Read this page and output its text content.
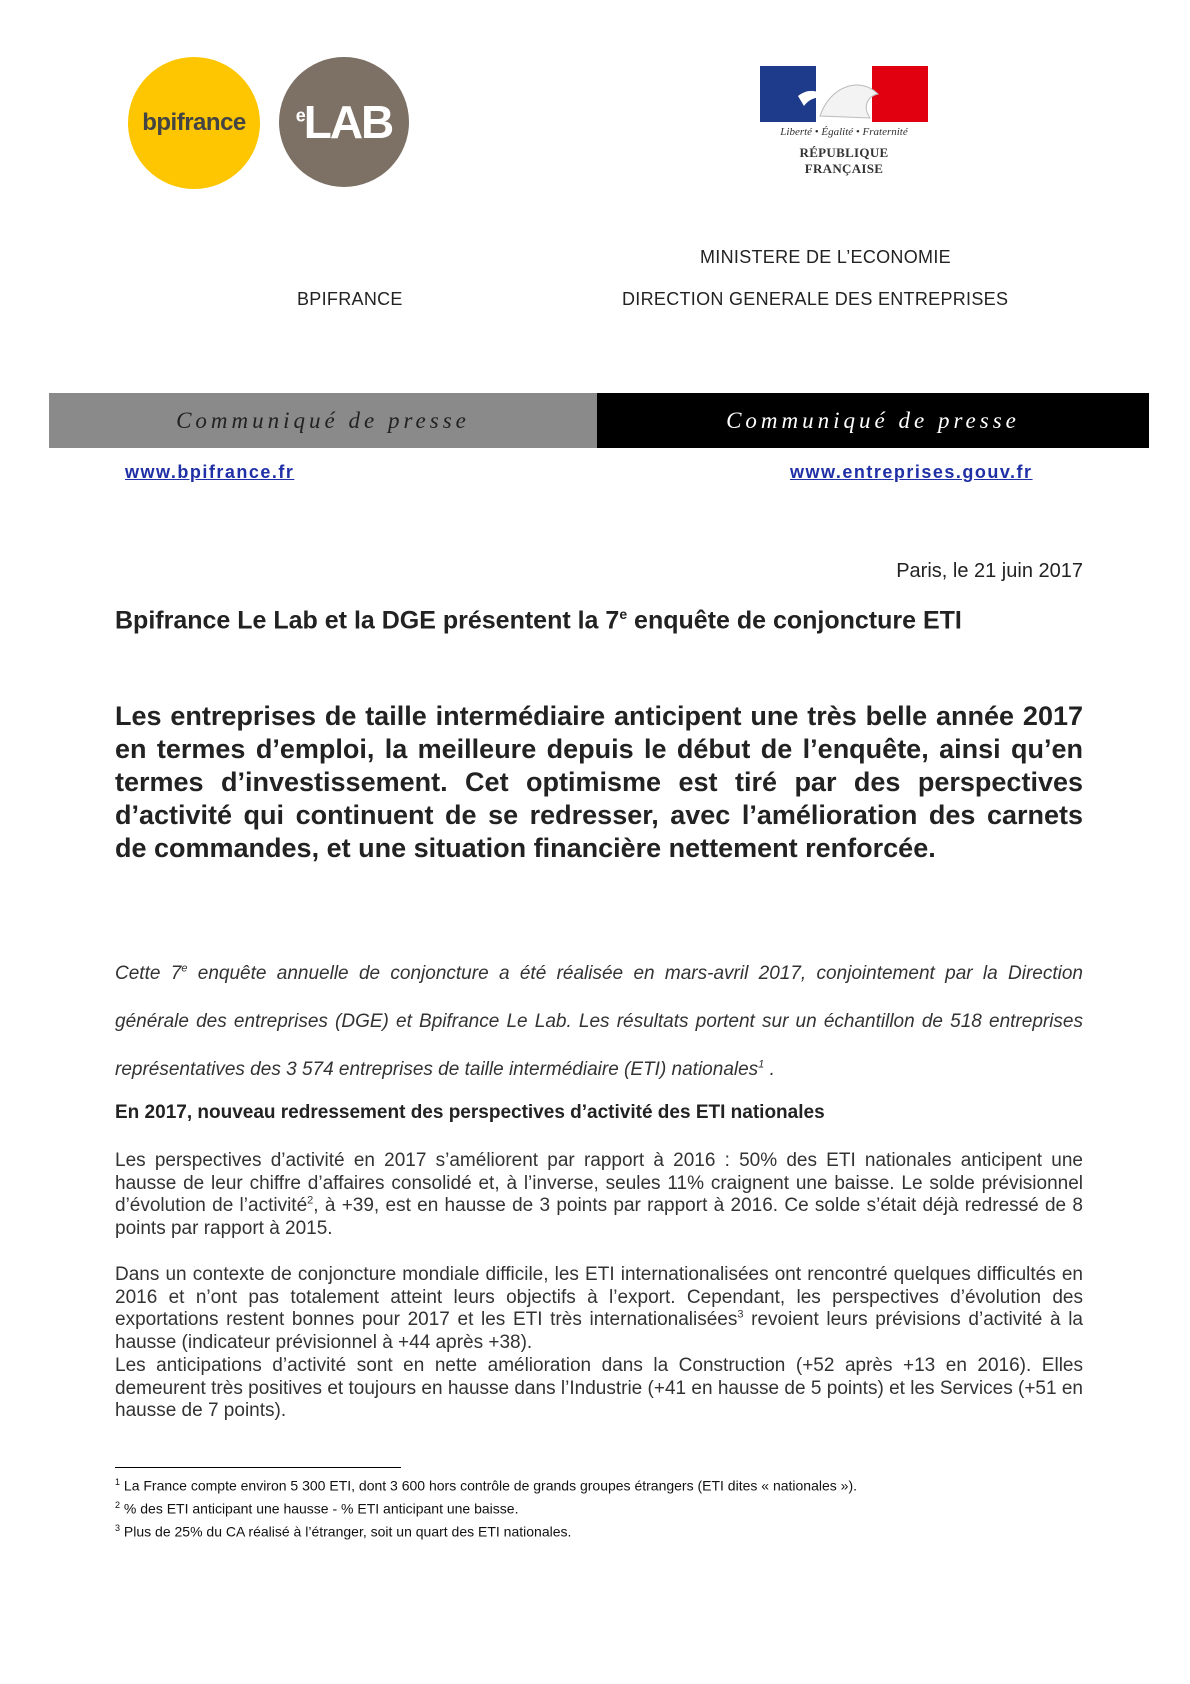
bpifrance	$^e$LAB	Liberté • Égalité • Fraternité
RÉPUBLIQUE FRANÇAISE
MINISTERE DE L’ECONOMIE
BPIFRANCE	DIRECTION GENERALE DES ENTREPRISES
Communiqué de presse	Communiqué de presse
www.bpifrance.fr	www.entreprises.gouv.fr
Paris, le 21 juin 2017
Bpifrance Le Lab et la DGE présentent la 7e enquête de conjoncture ETI
Les entreprises de taille intermédiaire anticipent une très belle année 2017 en termes d’emploi, la meilleure depuis le début de l’enquête, ainsi qu’en termes d’investissement. Cet optimisme est tiré par des perspectives d’activité qui continuent de se redresser, avec l’amélioration des carnets de commandes, et une situation financière nettement renforcée.
Cette 7e enquête annuelle de conjoncture a été réalisée en mars-avril 2017, conjointement par la Direction générale des entreprises (DGE) et Bpifrance Le Lab. Les résultats portent sur un échantillon de 518 entreprises représentatives des 3 574 entreprises de taille intermédiaire (ETI) nationales$^1$ .
En 2017, nouveau redressement des perspectives d’activité des ETI nationales
Les perspectives d’activité en 2017 s’améliorent par rapport à 2016 : 50% des ETI nationales anticipent une hausse de leur chiffre d’affaires consolidé et, à l’inverse, seules 11% craignent une baisse. Le solde prévisionnel d’évolution de l’activité$^2$, à +39, est en hausse de 3 points par rapport à 2016. Ce solde s’était déjà redressé de 8 points par rapport à 2015.
Dans un contexte de conjoncture mondiale difficile, les ETI internationalisées ont rencontré quelques difficultés en 2016 et n’ont pas totalement atteint leurs objectifs à l’export. Cependant, les perspectives d’évolution des exportations restent bonnes pour 2017 et les ETI très internationalisées$^3$ revoient leurs prévisions d’activité à la hausse (indicateur prévisionnel à +44 après +38).
Les anticipations d’activité sont en nette amélioration dans la Construction (+52 après +13 en 2016). Elles demeurent très positives et toujours en hausse dans l’Industrie (+41 en hausse de 5 points) et les Services (+51 en hausse de 7 points).
$^1$ La France compte environ 5 300 ETI, dont 3 600 hors contrôle de grands groupes étrangers (ETI dites « nationales »).
$^2$ % des ETI anticipant une hausse - % ETI anticipant une baisse.
$^3$ Plus de 25% du CA réalisé à l’étranger, soit un quart des ETI nationales.
